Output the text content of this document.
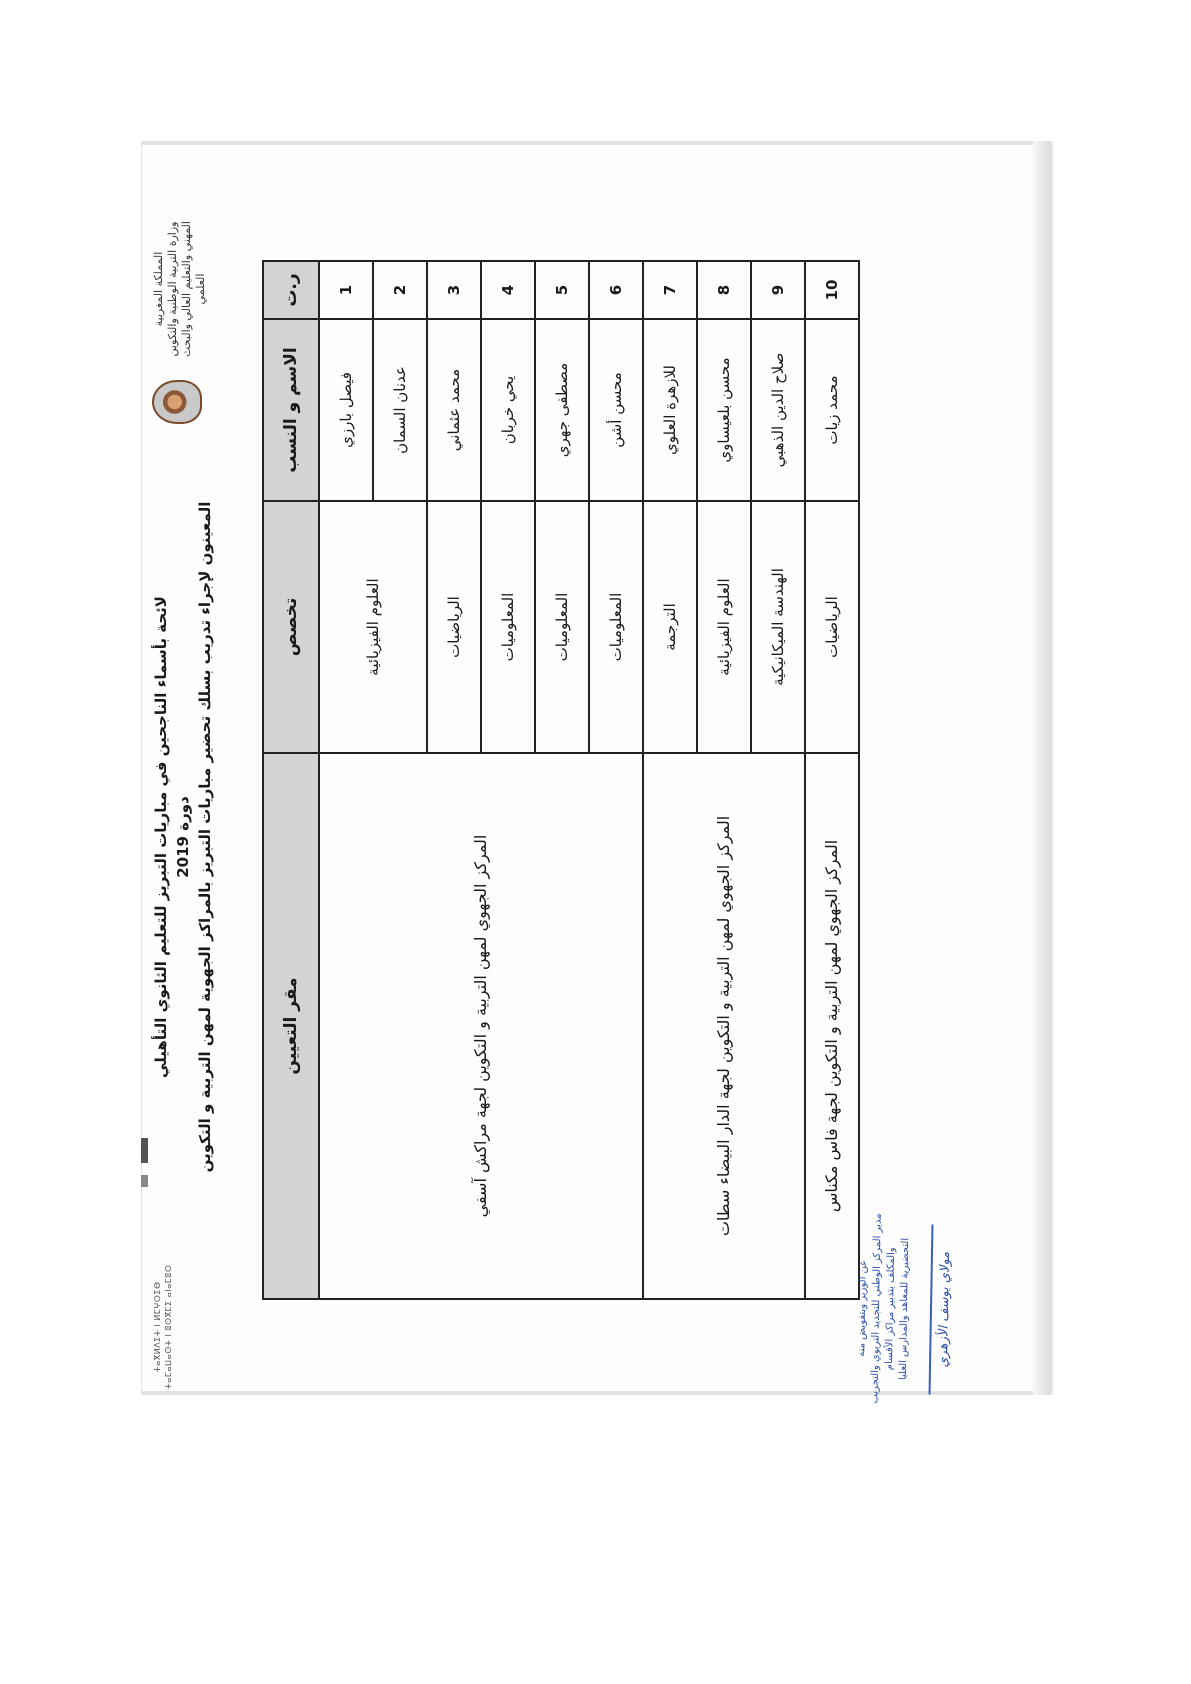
المملكة المغربية وزارة التربية الوطنية والتكوين المهني والتعليم العالي والبحث العلمي
ⵜⴰⴳⵍⴷⵉⵜ ⵏ ⵍⵎⵖⵔⵉⴱ ⵜⴰⵎⴰⵡⴰⵙⵜ ⵏ ⵓⵙⴳⵎⵉ ⴰⵏⴰⵎⵓⵔ
لائحة بأسماء الناجحين في مباريات التبريز للتعليم الثانوي التأهيلي دورة 2019 المعينون لإجراء تدريب بسلك تحضير مباريات التبريز بالمراكز الجهوية لمهن التربية و التكوين
ر.ت	الاسم و النسب	تخصص	مقر التعيين
1	فيصل بارزي	العلوم الفيزيائية	المركز الجهوي لمهن التربية و التكوين لجهة مراكش آسفي
2	عدنان السمان		
3	محمد عثماني	الرياضيات	
4	يحي خربان	المعلوميات	
5	مصطفى جهري	المعلوميات	
6	محسن أشن	المعلوميات	
7	للازهرة العلوي	الترجمة	المركز الجهوي لمهن التربية و التكوين لجهة الدار البيضاء سطات
8	محسن بلعيساوي	العلوم الفيزيائية	
9	صلاح الدين الذهبي	الهندسة الميكانيكية	
10	محمد زيات	الرياضيات	المركز الجهوي لمهن التربية و التكوين لجهة فاس مكناس
عن الوزير وبتفويض منه مدير المركز الوطني للتجديد التربوي والتجريب والمكلف بتدبير مراكز الأقسام التحضيرية للمعاهد والمدارس العليا مولاي يوسف الأزهري
